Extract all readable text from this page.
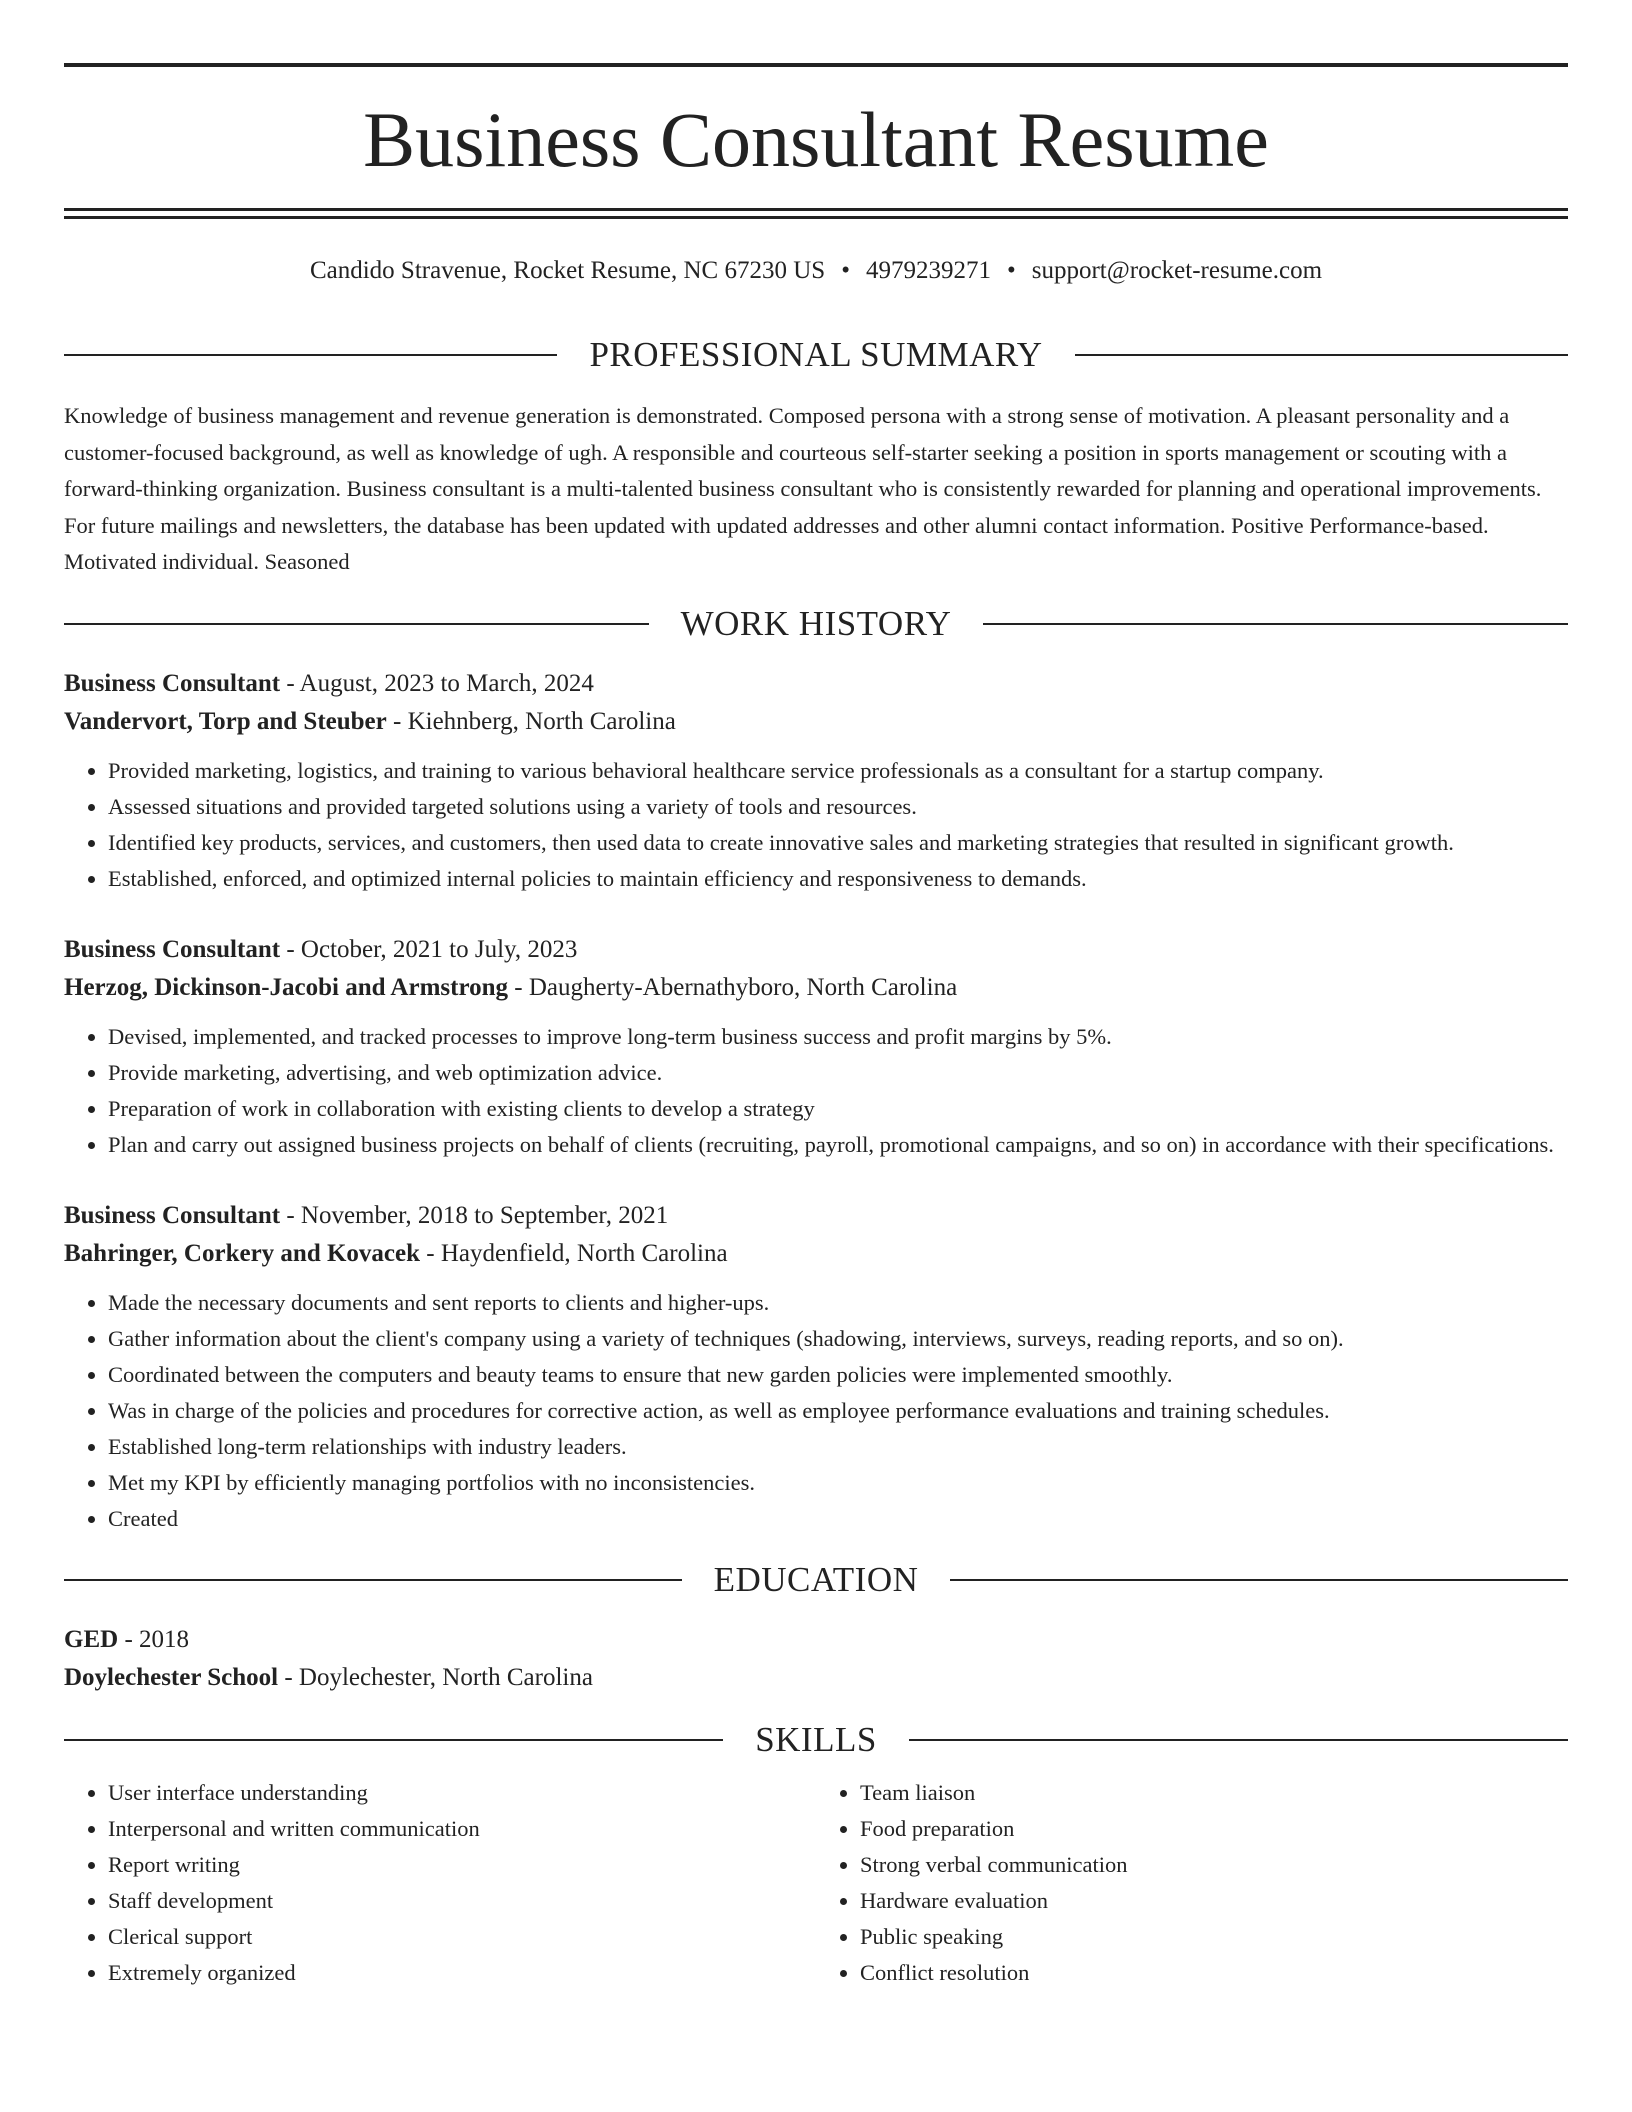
Business Consultant Resume
Candido Stravenue, Rocket Resume, NC 67230 US • 4979239271 • support@rocket-resume.com
PROFESSIONAL SUMMARY

Knowledge of business management and revenue generation is demonstrated. Composed persona with a strong sense of motivation. A pleasant personality and a customer-focused background, as well as knowledge of ugh. A responsible and courteous self-starter seeking a position in sports management or scouting with a forward-thinking organization. Business consultant is a multi-talented business consultant who is consistently rewarded for planning and operational improvements. For future mailings and newsletters, the database has been updated with updated addresses and other alumni contact information. Positive Performance-based. Motivated individual. Seasoned

WORK HISTORY
Business Consultant - August, 2023 to March, 2024
Vandervort, Torp and Steuber - Kiehnberg, North Carolina
• Provided marketing, logistics, and training to various behavioral healthcare service professionals as a consultant for a startup company.
• Assessed situations and provided targeted solutions using a variety of tools and resources.
• Identified key products, services, and customers, then used data to create innovative sales and marketing strategies that resulted in significant growth.
• Established, enforced, and optimized internal policies to maintain efficiency and responsiveness to demands.
Business Consultant - October, 2021 to July, 2023
Herzog, Dickinson-Jacobi and Armstrong - Daugherty-Abernathyboro, North Carolina
• Devised, implemented, and tracked processes to improve long-term business success and profit margins by 5%.
• Provide marketing, advertising, and web optimization advice.
• Preparation of work in collaboration with existing clients to develop a strategy
• Plan and carry out assigned business projects on behalf of clients (recruiting, payroll, promotional campaigns, and so on) in accordance with their specifications.
Business Consultant - November, 2018 to September, 2021
Bahringer, Corkery and Kovacek - Haydenfield, North Carolina
• Made the necessary documents and sent reports to clients and higher-ups.
• Gather information about the client's company using a variety of techniques (shadowing, interviews, surveys, reading reports, and so on).
• Coordinated between the computers and beauty teams to ensure that new garden policies were implemented smoothly.
• Was in charge of the policies and procedures for corrective action, as well as employee performance evaluations and training schedules.
• Established long-term relationships with industry leaders.
• Met my KPI by efficiently managing portfolios with no inconsistencies.
• Created
EDUCATION
GED - 2018
Doylechester School - Doylechester, North Carolina
SKILLS
• User interface understanding
• Interpersonal and written communication
• Report writing
• Staff development
• Clerical support
• Extremely organized
• Team liaison
• Food preparation
• Strong verbal communication
• Hardware evaluation
• Public speaking
• Conflict resolution
